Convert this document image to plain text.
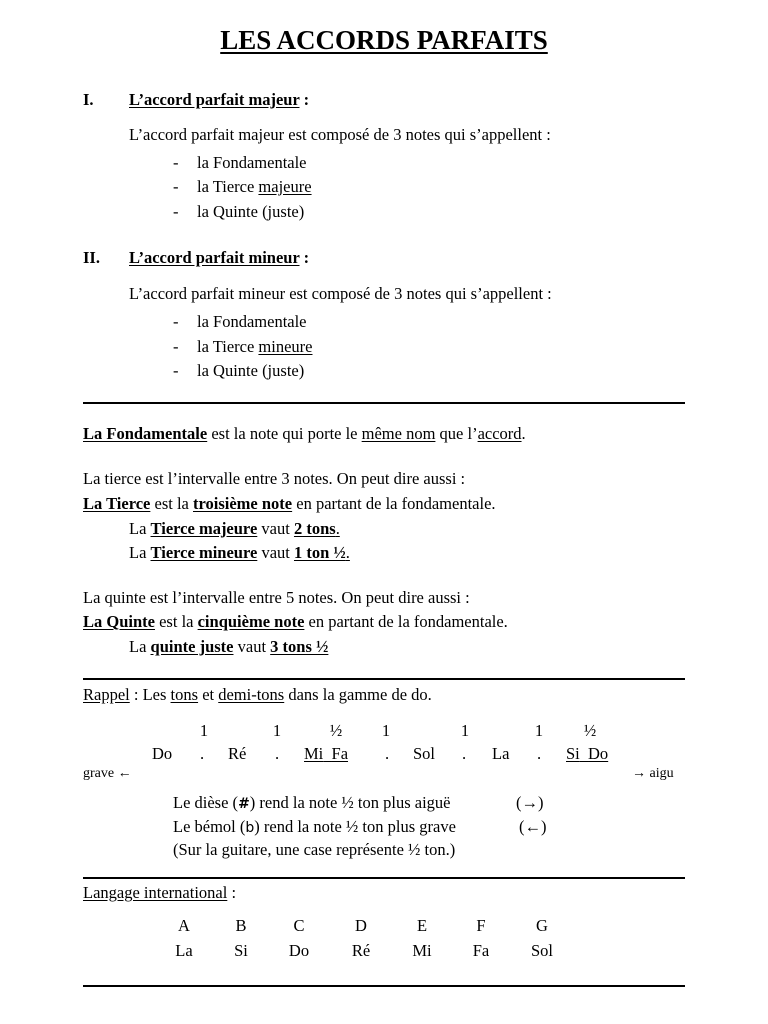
LES ACCORDS PARFAITS
I. L’accord parfait majeur :
L’accord parfait majeur est composé de 3 notes qui s’appellent :
- la Fondamentale
- la Tierce majeure
- la Quinte (juste)
II. L’accord parfait mineur :
L’accord parfait mineur est composé de 3 notes qui s’appellent :
- la Fondamentale
- la Tierce mineure
- la Quinte (juste)
La Fondamentale est la note qui porte le même nom que l’accord.
La tierce est l’intervalle entre 3 notes. On peut dire aussi :
La Tierce est la troisième note en partant de la fondamentale.
La Tierce majeure vaut 2 tons.
La Tierce mineure vaut 1 ton ½.
La quinte est l’intervalle entre 5 notes. On peut dire aussi :
La Quinte est la cinquième note en partant de la fondamentale.
La quinte juste vaut 3 tons ½
Rappel : Les tons et demi-tons dans la gamme de do.
1	1	½	1	1	1	½
Do . Ré . Mi Fa . Sol . La . Si Do
grave ←	→ aigu
Le dièse (#) rend la note ½ ton plus aiguë	(→)
Le bémol (b) rend la note ½ ton plus grave	(←)
(Sur la guitare, une case représente ½ ton.)
Langage international :
A	B	C	D	E	F	G
La	Si	Do	Ré	Mi	Fa	Sol
